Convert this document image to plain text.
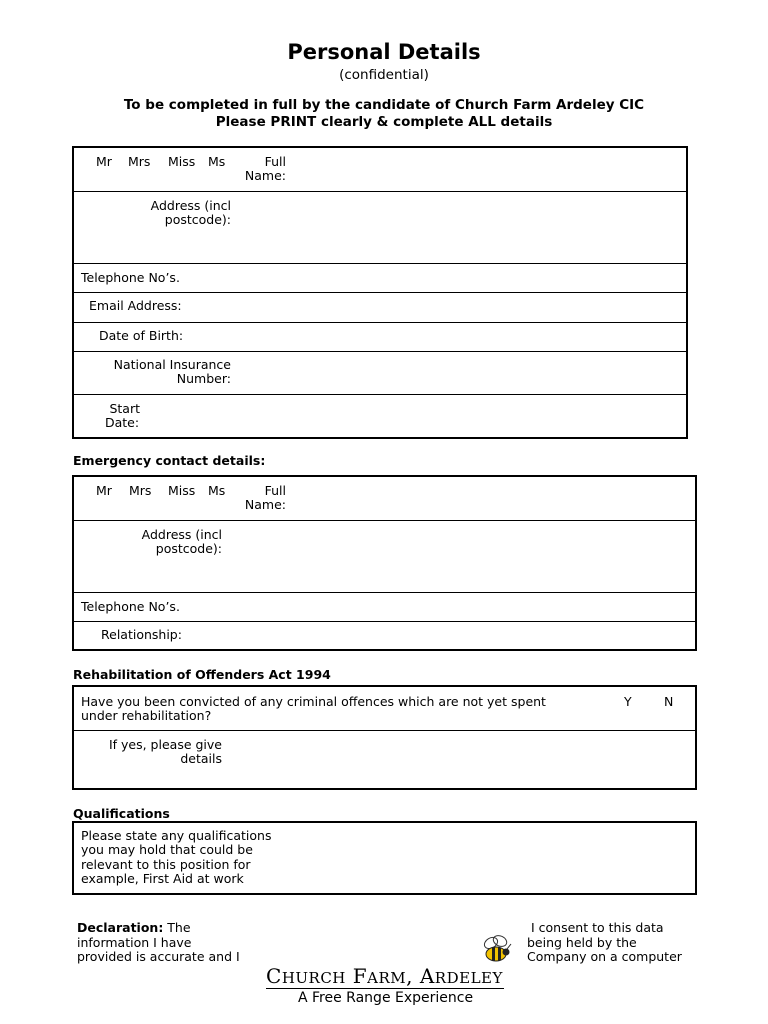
Personal Details
(confidential)
To be completed in full by the candidate of Church Farm Ardeley CIC
Please PRINT clearly & complete ALL details
Mr Mrs Miss Ms	Full
Name:

Address (incl
postcode):

Telephone No’s.

Email Address:

Date of Birth:

National Insurance
Number:

Start
Date:
Emergency contact details:
Mr Mrs Miss Ms	Full
Name:

Address (incl
postcode):

Telephone No’s.

Relationship:
Rehabilitation of Offenders Act 1994
Have you been convicted of any criminal offences which are not yet spent
under rehabilitation?
Y	N

If yes, please give
details
Qualifications
Please state any qualifications
you may hold that could be
relevant to this position for
example, First Aid at work
Declaration: The
information I have
provided is accurate and I
I consent to this data
being held by the
Company on a computer
CHURCH FARM, ARDELEY
A Free Range Experience
